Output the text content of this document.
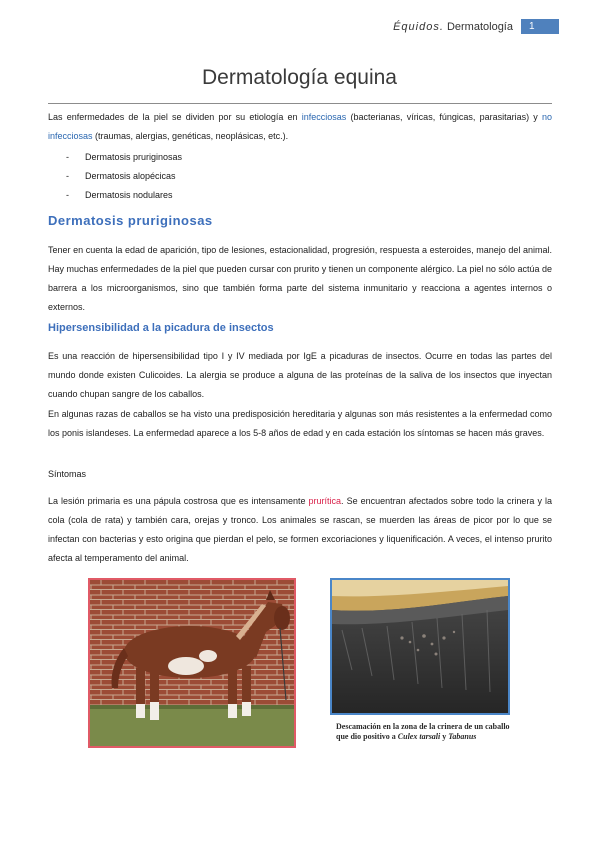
Équidos. Dermatología	1
Dermatología equina
Las enfermedades de la piel se dividen por su etiología en infecciosas (bacterianas, víricas, fúngicas, parasitarias) y no infecciosas (traumas, alergias, genéticas, neoplásicas, etc.).
-	Dermatosis pruriginosas
-	Dermatosis alopécicas
-	Dermatosis nodulares
Dermatosis pruriginosas
Tener en cuenta la edad de aparición, tipo de lesiones, estacionalidad, progresión, respuesta a esteroides, manejo del animal. Hay muchas enfermedades de la piel que pueden cursar con prurito y tienen un componente alérgico. La piel no sólo actúa de barrera a los microorganismos, sino que también forma parte del sistema inmunitario y reacciona a agentes internos o externos.
Hipersensibilidad a la picadura de insectos
Es una reacción de hipersensibilidad tipo I y IV mediada por IgE a picaduras de insectos. Ocurre en todas las partes del mundo donde existen Culicoides. La alergia se produce a alguna de las proteínas de la saliva de los insectos que inyectan cuando chupan sangre de los caballos.
En algunas razas de caballos se ha visto una predisposición hereditaria y algunas son más resistentes a la enfermedad como los ponis islandeses. La enfermedad aparece a los 5-8 años de edad y en cada estación los síntomas se hacen más graves.
Síntomas
La lesión primaria es una pápula costrosa que es intensamente prurítica. Se encuentran afectados sobre todo la crinera y la cola (cola de rata) y también cara, orejas y tronco. Los animales se rascan, se muerden las áreas de picor por lo que se infectan con bacterias y esto origina que pierdan el pelo, se formen excoriaciones y liquenificación. A veces, el intenso prurito afecta al temperamento del animal.
Descamación en la zona de la crinera de un caballo que dio positivo a Culex tarsali y Tabanus
